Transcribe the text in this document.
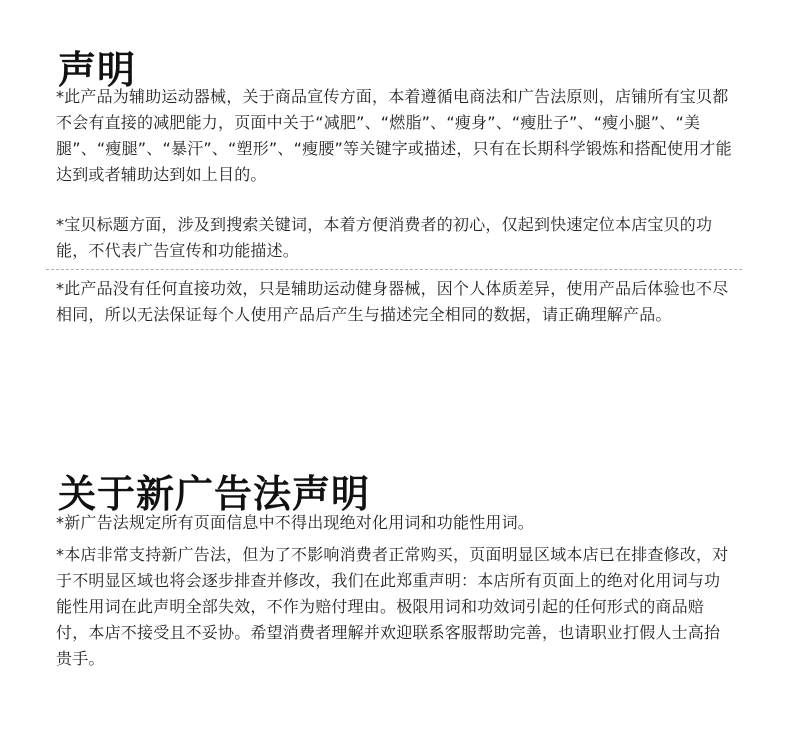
声明

*此产品为辅助运动器械，关于商品宣传方面，本着遵循电商法和广告法原则，店铺所有宝贝都不会有直接的减肥能力，页面中关于“减肥”、“燃脂”、“瘦身”、“瘦肚子”、“瘦小腿”、“美腿”、“瘦腿”、“暴汗”、“塑形”、“瘦腰”等关键字或描述，只有在长期科学锻炼和搭配使用才能达到或者辅助达到如上目的。

*宝贝标题方面，涉及到搜索关键词，本着方便消费者的初心，仅起到快速定位本店宝贝的功能，不代表广告宣传和功能描述。

*此产品没有任何直接功效，只是辅助运动健身器械，因个人体质差异，使用产品后体验也不尽相同，所以无法保证每个人使用产品后产生与描述完全相同的数据，请正确理解产品。

关于新广告法声明

*新广告法规定所有页面信息中不得出现绝对化用词和功能性用词。

*本店非常支持新广告法，但为了不影响消费者正常购买，页面明显区域本店已在排查修改，对于不明显区域也将会逐步排查并修改，我们在此郑重声明：本店所有页面上的绝对化用词与功能性用词在此声明全部失效，不作为赔付理由。极限用词和功效词引起的任何形式的商品赔付，本店不接受且不妥协。希望消费者理解并欢迎联系客服帮助完善，也请职业打假人士高抬贵手。
